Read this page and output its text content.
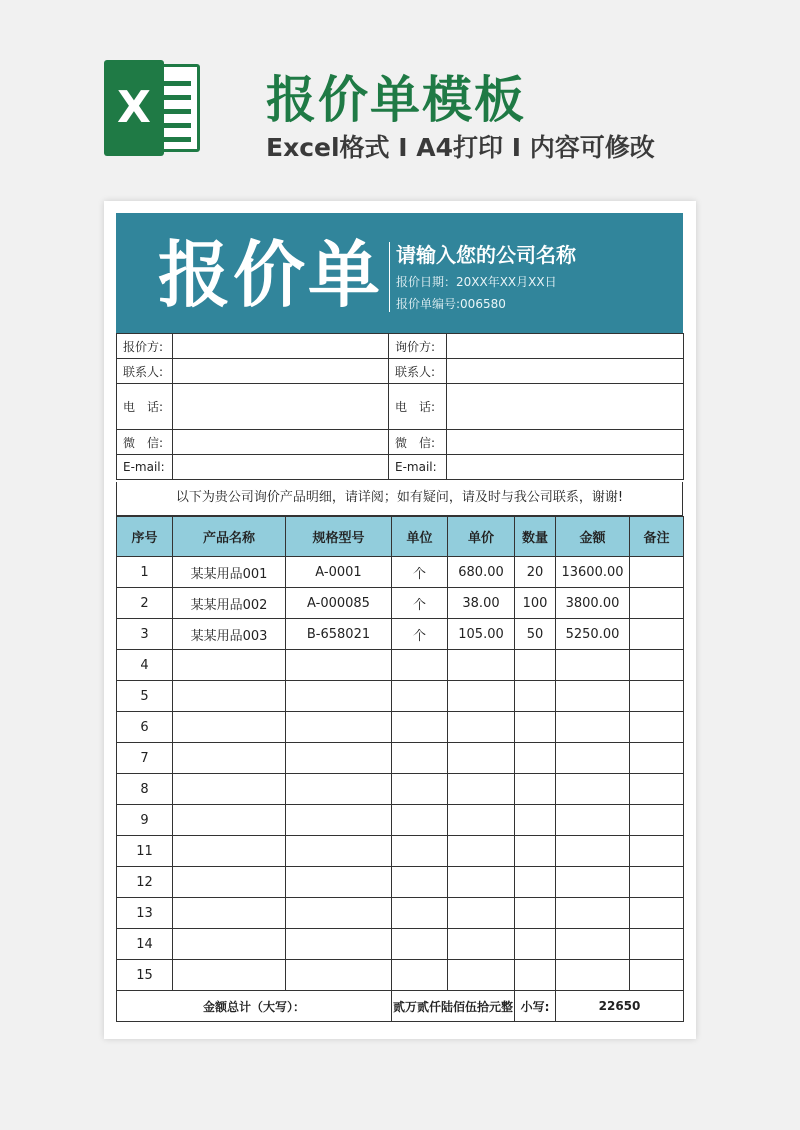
X 报价单模板

Excel格式 I A4打印 I 内容可修改

报价单 请输入您的公司名称
报价日期：20XX年XX月XX日
报价单编号:006580
报价方:		询价方:	
联系人:		联系人:	
电　话:		电　话:	
微　信:		微　信:	
E-mail:		E-mail:	
以下为贵公司询价产品明细，请详阅；如有疑问，请及时与我公司联系，谢谢!
序号	产品名称	规格型号	单位	单价	数量	金额	备注
1	某某用品001	A-0001	个	680.00	20	13600.00	
2	某某用品002	A-000085	个	38.00	100	3800.00	
3	某某用品003	B-658021	个	105.00	50	5250.00	
4							
5							
6							
7							
8							
9							
11							
12							
13							
14							
15							
金额总计（大写）：			贰万贰仟陆佰伍拾元整		小写:	22650	
